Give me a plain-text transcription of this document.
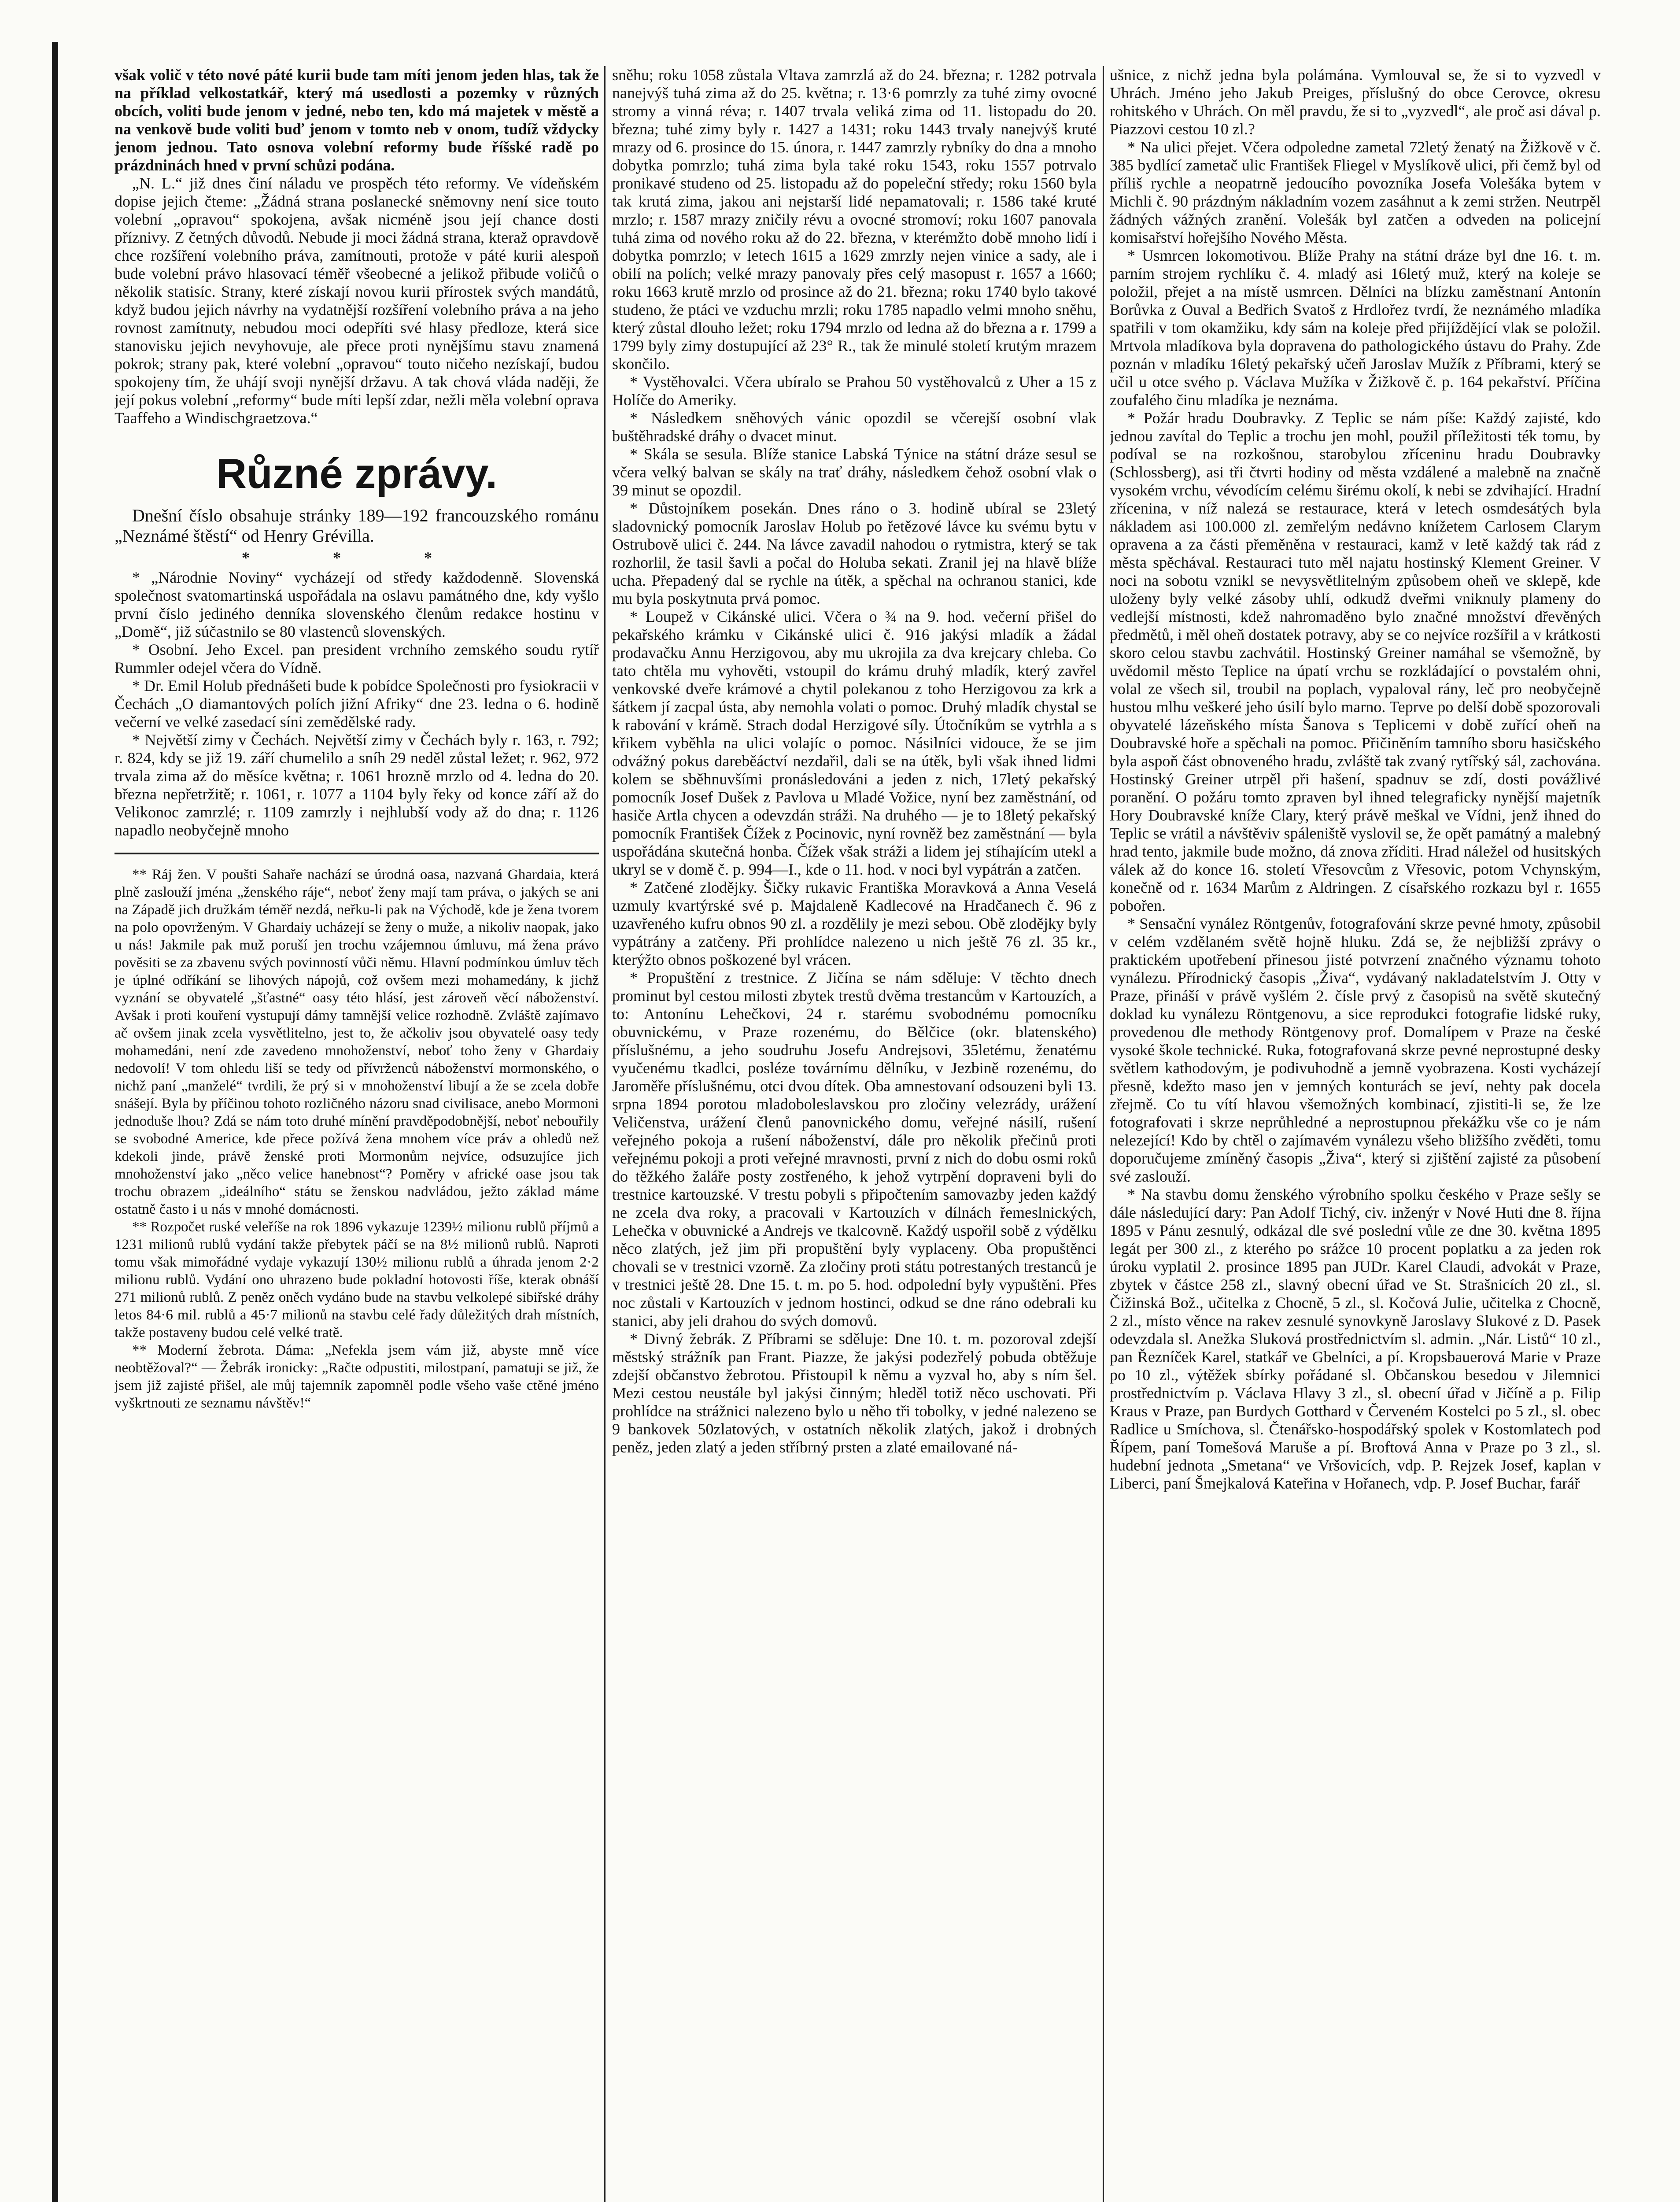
však volič v této nové páté kurii bude tam míti jenom jeden hlas, tak že na příklad velkostatkář, který má usedlosti a pozemky v různých obcích, voliti bude jenom v jedné, nebo ten, kdo má majetek v městě a na venkově bude voliti buď jenom v tomto neb v onom, tudíž vždycky jenom jednou. Tato osnova volební reformy bude říšské radě po prázdninách hned v první schůzi podána.

„N. L.“ již dnes činí náladu ve prospěch této reformy. Ve vídeňském dopise jejich čteme: „Žádná strana poslanecké sněmovny není sice touto volební „opravou“ spokojena, avšak nicméně jsou její chance dosti příznivy. Z četných důvodů. Nebude ji moci žádná strana, kteraž opravdově chce rozšíření volebního práva, zamítnouti, protože v páté kurii alespoň bude volební právo hlasovací téměř všeobecné a jelikož přibude voličů o několik statisíc. Strany, které získají novou kurii přírostek svých mandátů, když budou jejich návrhy na vydatnější rozšíření volebního práva a na jeho rovnost zamítnuty, nebudou moci odepříti své hlasy předloze, která sice stanovisku jejich nevyhovuje, ale přece proti nynějšímu stavu znamená pokrok; strany pak, které volební „opravou“ touto ničeho nezískají, budou spokojeny tím, že uhájí svoji nynější državu. A tak chová vláda naději, že její pokus volební „reformy“ bude míti lepší zdar, nežli měla volební oprava Taaffeho a Windischgraetzova.“

Různé zprávy.

Dnešní číslo obsahuje stránky 189—192 francouzského románu „Neznámé štěstí“ od Henry Grévilla.

* * *

* „Národnie Noviny“ vycházejí od středy každodenně. Slovenská společnost svatomartinská uspořádala na oslavu památného dne, kdy vyšlo první číslo jediného denníka slovenského členům redakce hostinu v „Domě“, již súčastnilo se 80 vlastenců slovenských.

* Osobní. Jeho Excel. pan president vrchního zemského soudu rytíř Rummler odejel včera do Vídně.

* Dr. Emil Holub přednášeti bude k pobídce Společnosti pro fysiokracii v Čechách „O diamantových polích jižní Afriky“ dne 23. ledna o 6. hodině večerní ve velké zasedací síni zemědělské rady.

* Největší zimy v Čechách. Největší zimy v Čechách byly r. 163, r. 792; r. 824, kdy se již 19. září chumelilo a sníh 29 neděl zůstal ležet; r. 962, 972 trvala zima až do měsíce května; r. 1061 hrozně mrzlo od 4. ledna do 20. března nepřetržitě; r. 1061, r. 1077 a 1104 byly řeky od konce září až do Velikonoc zamrzlé; r. 1109 zamrzly i nejhlubší vody až do dna; r. 1126 napadlo neobyčejně mnoho

** Ráj žen. V poušti Sahaře nachází se úrodná oasa, nazvaná Ghardaia, která plně zaslouží jména „ženského ráje“, neboť ženy mají tam práva, o jakých se ani na Západě jich družkám téměř nezdá, neřku-li pak na Východě, kde je žena tvorem na polo opovrženým. V Ghardaiy ucházejí se ženy o muže, a nikoliv naopak, jako u nás! Jakmile pak muž poruší jen trochu vzájemnou úmluvu, má žena právo pověsiti se za zbavenu svých povinností vůči němu. Hlavní podmínkou úmluv těch je úplné odříkání se lihových nápojů, což ovšem mezi mohamedány, k jichž vyznání se obyvatelé „šťastné“ oasy této hlásí, jest zároveň věcí náboženství. Avšak i proti kouření vystupují dámy tamnější velice rozhodně. Zvláště zajímavo ač ovšem jinak zcela vysvětlitelno, jest to, že ačkoliv jsou obyvatelé oasy tedy mohamedáni, není zde zavedeno mnohoženství, neboť toho ženy v Ghardaiy nedovolí! V tom ohledu liší se tedy od přívrženců náboženství mormonského, o nichž paní „manželé“ tvrdili, že prý si v mnohoženství libují a že se zcela dobře snášejí. Byla by příčinou tohoto rozličného názoru snad civilisace, anebo Mormoni jednoduše lhou? Zdá se nám toto druhé mínění pravděpodobnější, neboť nebouřily se svobodné Americe, kde přece požívá žena mnohem více práv a ohledů než kdekoli jinde, právě ženské proti Mormonům nejvíce, odsuzujíce jich mnohoženství jako „něco velice hanebnost“? Poměry v africké oase jsou tak trochu obrazem „ideálního“ státu se ženskou nadvládou, ježto základ máme ostatně často i u nás v mnohé domácnosti.

** Rozpočet ruské veleříše na rok 1896 vykazuje 1239½ milionu rublů příjmů a 1231 milionů rublů vydání takže přebytek páčí se na 8½ milionů rublů. Naproti tomu však mimořádné vydaje vykazují 130½ milionu rublů a úhrada jenom 2·2 milionu rublů. Vydání ono uhrazeno bude pokladní hotovosti říše, kterak obnáší 271 milionů rublů. Z peněz oněch vydáno bude na stavbu velkolepé sibiřské dráhy letos 84·6 mil. rublů a 45·7 milionů na stavbu celé řady důležitých drah místních, takže postaveny budou celé velké tratě.

** Moderní žebrota. Dáma: „Nefekla jsem vám již, abyste mně více neobtěžoval?“ — Žebrák ironicky: „Račte odpustiti, milostpaní, pamatuji se již, že jsem již zajisté přišel, ale můj tajemník zapomněl podle všeho vaše ctěné jméno vyškrtnouti ze seznamu návštěv!“

sněhu; roku 1058 zůstala Vltava zamrzlá až do 24. března; r. 1282 potrvala nanejvýš tuhá zima až do 25. května; r. 13·6 pomrzly za tuhé zimy ovocné stromy a vinná réva; r. 1407 trvala veliká zima od 11. listopadu do 20. března; tuhé zimy byly r. 1427 a 1431; roku 1443 trvaly nanejvýš kruté mrazy od 6. prosince do 15. února, r. 1447 zamrzly rybníky do dna a mnoho dobytka pomrzlo; tuhá zima byla také roku 1543, roku 1557 potrvalo pronikavé studeno od 25. listopadu až do popeleční středy; roku 1560 byla tak krutá zima, jakou ani nejstarší lidé nepamatovali; r. 1586 také kruté mrzlo; r. 1587 mrazy zničily révu a ovocné stromoví; roku 1607 panovala tuhá zima od nového roku až do 22. března, v kterémžto době mnoho lidí i dobytka pomrzlo; v letech 1615 a 1629 zmrzly nejen vinice a sady, ale i obilí na polích; velké mrazy panovaly přes celý masopust r. 1657 a 1660; roku 1663 krutě mrzlo od prosince až do 21. března; roku 1740 bylo takové studeno, že ptáci ve vzduchu mrzli; roku 1785 napadlo velmi mnoho sněhu, který zůstal dlouho ležet; roku 1794 mrzlo od ledna až do března a r. 1799 a 1799 byly zimy dostupující až 23° R., tak že minulé století krutým mrazem skončilo.

* Vystěhovalci. Včera ubíralo se Prahou 50 vystěhovalců z Uher a 15 z Holíče do Ameriky.

* Následkem sněhových vánic opozdil se včerejší osobní vlak buštěhradské dráhy o dvacet minut.

* Skála se sesula. Blíže stanice Labská Týnice na státní dráze sesul se včera velký balvan se skály na trať dráhy, následkem čehož osobní vlak o 39 minut se opozdil.

* Důstojníkem posekán. Dnes ráno o 3. hodině ubíral se 23letý sladovnický pomocník Jaroslav Holub po řetězové lávce ku svému bytu v Ostrubově ulici č. 244. Na lávce zavadil nahodou o rytmistra, který se tak rozhorlil, že tasil šavli a počal do Holuba sekati. Zranil jej na hlavě blíže ucha. Přepadený dal se rychle na útěk, a spěchal na ochranou stanici, kde mu byla poskytnuta prvá pomoc.

* Loupež v Cikánské ulici. Včera o ¾ na 9. hod. večerní přišel do pekařského krámku v Cikánské ulici č. 916 jakýsi mladík a žádal prodavačku Annu Herzigovou, aby mu ukrojila za dva krejcary chleba. Co tato chtěla mu vyhověti, vstoupil do krámu druhý mladík, který zavřel venkovské dveře krámové a chytil polekanou z toho Herzigovou za krk a šátkem jí zacpal ústa, aby nemohla volati o pomoc. Druhý mladík chystal se k rabování v krámě. Strach dodal Herzigové síly. Útočníkům se vytrhla a s křikem vyběhla na ulici volajíc o pomoc. Násilníci vidouce, že se jim odvážný pokus dareběáctví nezdařil, dali se na útěk, byli však ihned lidmi kolem se sběhnuvšími pronásledováni a jeden z nich, 17letý pekařský pomocník Josef Dušek z Pavlova u Mladé Vožice, nyní bez zaměstnání, od hasiče Artla chycen a odevzdán stráži. Na druhého — je to 18letý pekařský pomocník František Čížek z Pocinovic, nyní rovněž bez zaměstnání — byla uspořádána skutečná honba. Čížek však stráži a lidem jej stíhajícím utekl a ukryl se v domě č. p. 994—I., kde o 11. hod. v noci byl vypátrán a zatčen.

* Zatčené zlodějky. Šičky rukavic Františka Moravková a Anna Veselá uzmuly kvartýrské své p. Majdaleně Kadlecové na Hradčanech č. 96 z uzavřeného kufru obnos 90 zl. a rozdělily je mezi sebou. Obě zlodějky byly vypátrány a zatčeny. Při prohlídce nalezeno u nich ještě 76 zl. 35 kr., kterýžto obnos poškozené byl vrácen.

* Propuštění z trestnice. Z Jičína se nám sděluje: V těchto dnech prominut byl cestou milosti zbytek trestů dvěma trestancům v Kartouzích, a to: Antonínu Lehečkovi, 24 r. starému svobodnému pomocníku obuvnickému, v Praze rozenému, do Bělčice (okr. blatenského) příslušnému, a jeho soudruhu Josefu Andrejsovi, 35letému, ženatému vyučenému tkadlci, posléze továrnímu dělníku, v Jezbině rozenému, do Jaroměře příslušnému, otci dvou dítek. Oba amnestovaní odsouzeni byli 13. srpna 1894 porotou mladoboleslavskou pro zločiny velezrády, urážení Veličenstva, urážení členů panovnického domu, veřejné násilí, rušení veřejného pokoja a rušení náboženství, dále pro několik přečinů proti veřejnému pokoji a proti veřejné mravnosti, první z nich do dobu osmi roků do těžkého žaláře posty zostřeného, k jehož vytrpění dopraveni byli do trestnice kartouzské. V trestu pobyli s připočtením samovazby jeden každý ne zcela dva roky, a pracovali v Kartouzích v dílnách řemeslnických, Lehečka v obuvnické a Andrejs ve tkalcovně. Každý uspořil sobě z výdělku něco zlatých, jež jim při propuštění byly vyplaceny. Oba propuštěnci chovali se v trestnici vzorně. Za zločiny proti státu potrestaných trestanců je v trestnici ještě 28. Dne 15. t. m. po 5. hod. odpolední byly vypuštěni. Přes noc zůstali v Kartouzích v jednom hostinci, odkud se dne ráno odebrali ku stanici, aby jeli drahou do svých domovů.

* Divný žebrák. Z Příbrami se sděluje: Dne 10. t. m. pozoroval zdejší městský strážník pan Frant. Piazze, že jakýsi podezřelý pobuda obtěžuje zdejší občanstvo žebrotou. Přistoupil k němu a vyzval ho, aby s ním šel. Mezi cestou neustále byl jakýsi činným; hleděl totiž něco uschovati. Při prohlídce na strážnici nalezeno bylo u něho tři tobolky, v jedné nalezeno se 9 bankovek 50zlatových, v ostatních několik zlatých, jakož i drobných peněz, jeden zlatý a jeden stříbrný prsten a zlaté emailované ná-

ušnice, z nichž jedna byla polámána. Vymlouval se, že si to vyzvedl v Uhrách. Jméno jeho Jakub Preiges, příslušný do obce Cerovce, okresu rohitského v Uhrách. On měl pravdu, že si to „vyzvedl“, ale proč asi dával p. Piazzovi cestou 10 zl.?

* Na ulici přejet. Včera odpoledne zametal 72letý ženatý na Žižkově v č. 385 bydlící zametač ulic František Fliegel v Myslíkově ulici, při čemž byl od příliš rychle a neopatrně jedoucího povozníka Josefa Volešáka bytem v Michli č. 90 prázdným nákladním vozem zasáhnut a k zemi stržen. Neutrpěl žádných vážných zranění. Volešák byl zatčen a odveden na policejní komisařství hořejšího Nového Města.

* Usmrcen lokomotivou. Blíže Prahy na státní dráze byl dne 16. t. m. parním strojem rychlíku č. 4. mladý asi 16letý muž, který na koleje se položil, přejet a na místě usmrcen. Dělníci na blízku zaměstnaní Antonín Borůvka z Ouval a Bedřich Svatoš z Hrdlořez tvrdí, že neznámého mladíka spatřili v tom okamžiku, kdy sám na koleje před přijíždějící vlak se položil. Mrtvola mladíkova byla dopravena do pathologického ústavu do Prahy. Zde poznán v mladíku 16letý pekařský učeň Jaroslav Mužík z Příbrami, který se učil u otce svého p. Václava Mužíka v Žižkově č. p. 164 pekařství. Příčina zoufalého činu mladíka je neznáma.

* Požár hradu Doubravky. Z Teplic se nám píše: Každý zajisté, kdo jednou zavítal do Teplic a trochu jen mohl, použil příležitosti ték tomu, by podíval se na rozkošnou, starobylou zříceninu hradu Doubravky (Schlossberg), asi tři čtvrti hodiny od města vzdálené a malebně na značně vysokém vrchu, vévodícím celému širému okolí, k nebi se zdvihající. Hradní zřícenina, v níž nalezá se restaurace, která v letech osmdesátých byla nákladem asi 100.000 zl. zemřelým nedávno knížetem Carlosem Clarym opravena a za části přeměněna v restauraci, kamž v letě každý tak rád z města spěchával. Restauraci tuto měl najatu hostinský Klement Greiner. V noci na sobotu vznikl se nevysvětlitelným způsobem oheň ve sklepě, kde uloženy byly velké zásoby uhlí, odkudž dveřmi vniknuly plameny do vedlejší místnosti, kdež nahromaděno bylo značné množství dřevěných předmětů, i měl oheň dostatek potravy, aby se co nejvíce rozšířil a v krátkosti skoro celou stavbu zachvátil. Hostinský Greiner namáhal se všemožně, by uvědomil město Teplice na úpatí vrchu se rozkládající o povstalém ohni, volal ze všech sil, troubil na poplach, vypaloval rány, leč pro neobyčejně hustou mlhu veškeré jeho úsilí bylo marno. Teprve po delší době spozorovali obyvatelé lázeňského místa Šanova s Teplicemi v době zuřící oheň na Doubravské hoře a spěchali na pomoc. Přičiněním tamního sboru hasičského byla aspoň část obnoveného hradu, zvláště tak zvaný rytířský sál, zachována. Hostinský Greiner utrpěl při hašení, spadnuv se zdí, dosti povážlivé poranění. O požáru tomto zpraven byl ihned telegraficky nynější majetník Hory Doubravské kníže Clary, který právě meškal ve Vídni, jenž ihned do Teplic se vrátil a návštěviv spáleniště vyslovil se, že opět památný a malebný hrad tento, jakmile bude možno, dá znova zříditi. Hrad náležel od husitských válek až do konce 16. století Vřesovcům z Vřesovic, potom Vchynským, konečně od r. 1634 Marům z Aldringen. Z císařského rozkazu byl r. 1655 pobořen.

* Sensační vynález Röntgenův, fotografování skrze pevné hmoty, způsobil v celém vzdělaném světě hojně hluku. Zdá se, že nejbližší zprávy o praktickém upotřebení přinesou jisté potvrzení značného významu tohoto vynálezu. Přírodnický časopis „Živa“, vydávaný nakladatelstvím J. Otty v Praze, přináší v právě vyšlém 2. čísle prvý z časopisů na světě skutečný doklad ku vynálezu Röntgenovu, a sice reprodukci fotografie lidské ruky, provedenou dle methody Röntgenovy prof. Domalípem v Praze na české vysoké škole technické. Ruka, fotografovaná skrze pevné neprostupné desky světlem kathodovým, je podivuhodně a jemně vyobrazena. Kosti vycházejí přesně, kdežto maso jen v jemných konturách se jeví, nehty pak docela zřejmě. Co tu vítí hlavou všemožných kombinací, zjistiti-li se, že lze fotografovati i skrze neprůhledné a neprostupnou překážku vše co je nám nelezející! Kdo by chtěl o zajímavém vynálezu všeho bližšího zvěděti, tomu doporučujeme zmíněný časopis „Živa“, který si zjištění zajisté za působení své zaslouží.

* Na stavbu domu ženského výrobního spolku českého v Praze sešly se dále následující dary: Pan Adolf Tichý, civ. inženýr v Nové Huti dne 8. října 1895 v Pánu zesnulý, odkázal dle své poslední vůle ze dne 30. května 1895 legát per 300 zl., z kterého po srážce 10 procent poplatku a za jeden rok úroku vyplatil 2. prosince 1895 pan JUDr. Karel Claudi, advokát v Praze, zbytek v částce 258 zl., slavný obecní úřad ve St. Strašnicích 20 zl., sl. Čižinská Bož., učitelka z Chocně, 5 zl., sl. Kočová Julie, učitelka z Chocně, 2 zl., místo věnce na rakev zesnulé synovkyně Jaroslavy Slukové z D. Pasek odevzdala sl. Anežka Sluková prostřednictvím sl. admin. „Nár. Listů“ 10 zl., pan Řezníček Karel, statkář ve Gbelníci, a pí. Kropsbauerová Marie v Praze po 10 zl., výtěžek sbírky pořádané sl. Občanskou besedou v Jilemnici prostřednictvím p. Václava Hlavy 3 zl., sl. obecní úřad v Jičíně a p. Filip Kraus v Praze, pan Burdych Gotthard v Červeném Kostelci po 5 zl., sl. obec Radlice u Smíchova, sl. Čtenářsko-hospodářský spolek v Kostomlatech pod Řípem, paní Tomešová Maruše a pí. Broftová Anna v Praze po 3 zl., sl. hudební jednota „Smetana“ ve Vršovicích, vdp. P. Rejzek Josef, kaplan v Liberci, paní Šmejkalová Kateřina v Hořanech, vdp. P. Josef Buchar, farář
